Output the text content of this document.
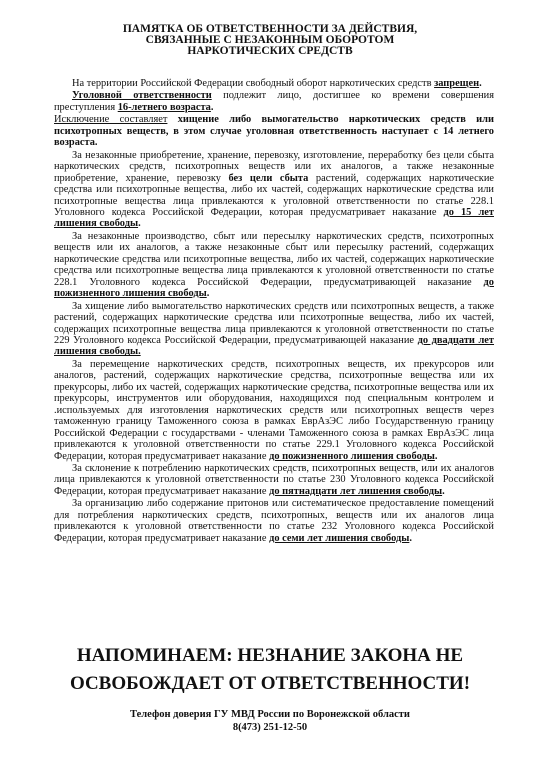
ПАМЯТКА ОБ ОТВЕТСТВЕННОСТИ ЗА ДЕЙСТВИЯ,
СВЯЗАННЫЕ С НЕЗАКОННЫМ ОБОРОТОМ
НАРКОТИЧЕСКИХ СРЕДСТВ

На территории Российской Федерации свободный оборот наркотических средств запрещен.

Уголовной ответственности подлежит лицо, достигшее ко времени совершения преступления 16-летнего возраста.

Исключение составляет хищение либо вымогательство наркотических средств или психотропных веществ, в этом случае уголовная ответственность наступает с 14 летнего возраста.

За незаконные приобретение, хранение, перевозку, изготовление, переработку без цели сбыта наркотических средств, психотропных веществ или их аналогов, а также незаконные приобретение, хранение, перевозку без цели сбыта растений, содержащих наркотические средства или психотропные вещества, либо их частей, содержащих наркотические средства или психотропные вещества лица привлекаются к уголовной ответственности по статье 228.1 Уголовного кодекса Российской Федерации, которая предусматривает наказание до 15 лет лишения свободы.

За незаконные производство, сбыт или пересылку наркотических средств, психотропных веществ или их аналогов, а также незаконные сбыт или пересылку растений, содержащих наркотические средства или психотропные вещества, либо их частей, содержащих наркотические средства или психотропные вещества лица привлекаются к уголовной ответственности по статье 228.1 Уголовного кодекса Российской Федерации, предусматривающей наказание до пожизненного лишения свободы.

За хищение либо вымогательство наркотических средств или психотропных веществ, а также растений, содержащих наркотические средства или психотропные вещества, либо их частей, содержащих психотропные вещества лица привлекаются к уголовной ответственности по статье 229 Уголовного кодекса Российской Федерации, предусматривающей наказание до двадцати лет лишения свободы.

За перемещение наркотических средств, психотропных веществ, их прекурсоров или аналогов, растений, содержащих наркотические средства, психотропные вещества или их прекурсоры, либо их частей, содержащих наркотические средства, психотропные вещества или их прекурсоры, инструментов или оборудования, находящихся под специальным контролем и .используемых для изготовления наркотических средств или психотропных веществ через таможенную границу Таможенного союза в рамках ЕврАзЭС либо Государственную границу Российской Федерации с государствами - членами Таможенного союза в рамках ЕврАзЭС лица привлекаются к уголовной ответственности по статье 229.1 Уголовного кодекса Российской Федерации, которая предусматривает наказание до пожизненного лишения свободы.

За склонение к потреблению наркотических средств, психотропных веществ, или их аналогов лица привлекаются к уголовной ответственности по статье 230 Уголовного кодекса Российской Федерации, которая предусматривает наказание до пятнадцати лет лишения свободы.

За организацию либо содержание притонов или систематическое предоставление помещений для потребления наркотических средств, психотропных, веществ или их аналогов лица привлекаются к уголовной ответственности по статье 232 Уголовного кодекса Российской Федерации, которая предусматривает наказание до семи лет лишения свободы.

НАПОМИНАЕМ: НЕЗНАНИЕ ЗАКОНА НЕ
ОСВОБОЖДАЕТ ОТ ОТВЕТСТВЕННОСТИ!
Телефон доверия ГУ МВД России по Воронежской области
8(473) 251-12-50
